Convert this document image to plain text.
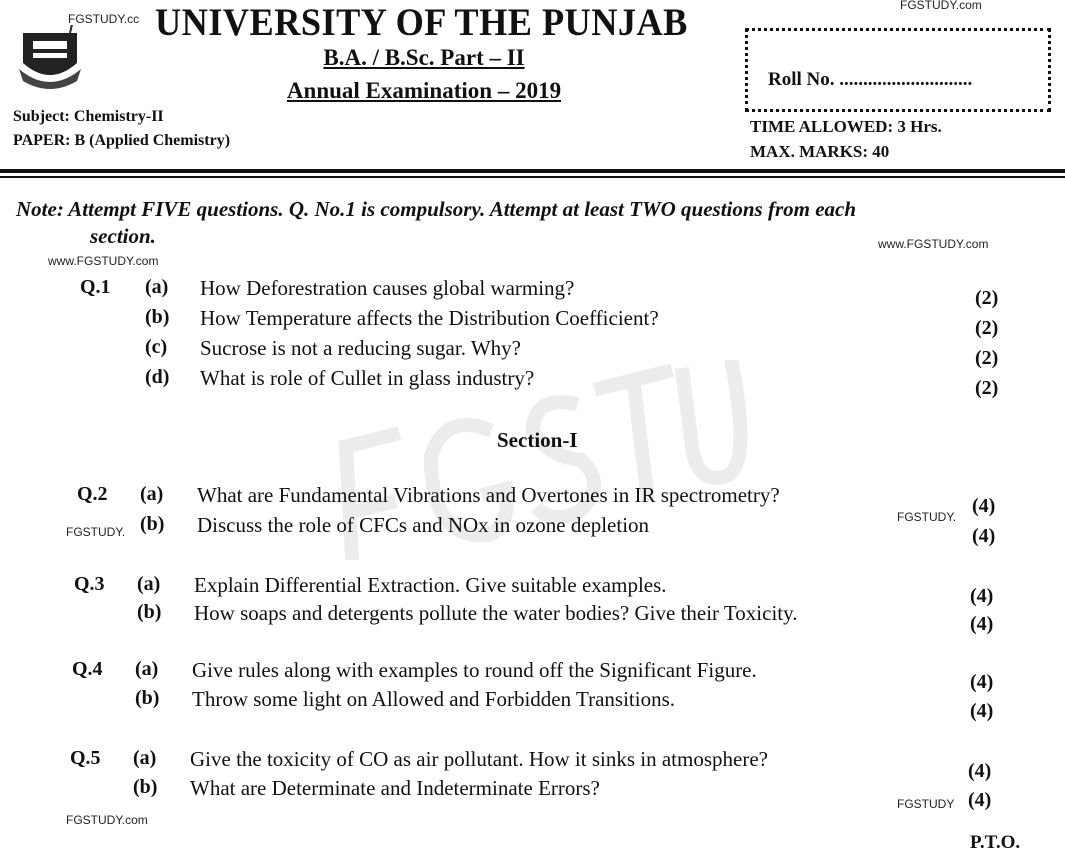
FGSTUDY.cc
FGSTUDY.com
UNIVERSITY OF THE PUNJAB
B.A. / B.Sc. Part – II
Annual Examination – 2019
Subject: Chemistry-II
PAPER: B (Applied Chemistry)
Roll No. ............................
TIME ALLOWED: 3 Hrs.
MAX. MARKS: 40
Note: Attempt FIVE questions. Q. No.1 is compulsory. Attempt at least TWO questions from each
section.	www.FGSTUDY.com
www.FGSTUDY.com
Q.1 (a) How Deforestration causes global warming?	(2)
(b) How Temperature affects the Distribution Coefficient?	(2)
(c) Sucrose is not a reducing sugar. Why?	(2)
(d) What is role of Cullet in glass industry?	(2)
Q.2 (a) What are Fundamental Vibrations and Overtones in IR spectrometry?	(4)
(b) Discuss the role of CFCs and NOx in ozone depletion	(4)
Q.3 (a) Explain Differential Extraction. Give suitable examples.	(4)
(b) How soaps and detergents pollute the water bodies? Give their Toxicity.	(4)
Q.4 (a) Give rules along with examples to round off the Significant Figure.	(4)
(b) Throw some light on Allowed and Forbidden Transitions.	(4)
Q.5 (a) Give the toxicity of CO as air pollutant. How it sinks in atmosphere?	(4)
(b) What are Determinate and Indeterminate Errors?	(4)
Section-I
FGSTUDY.
FGSTUDY.
FGSTUDY
FGSTUDY.com
P.T.O.
